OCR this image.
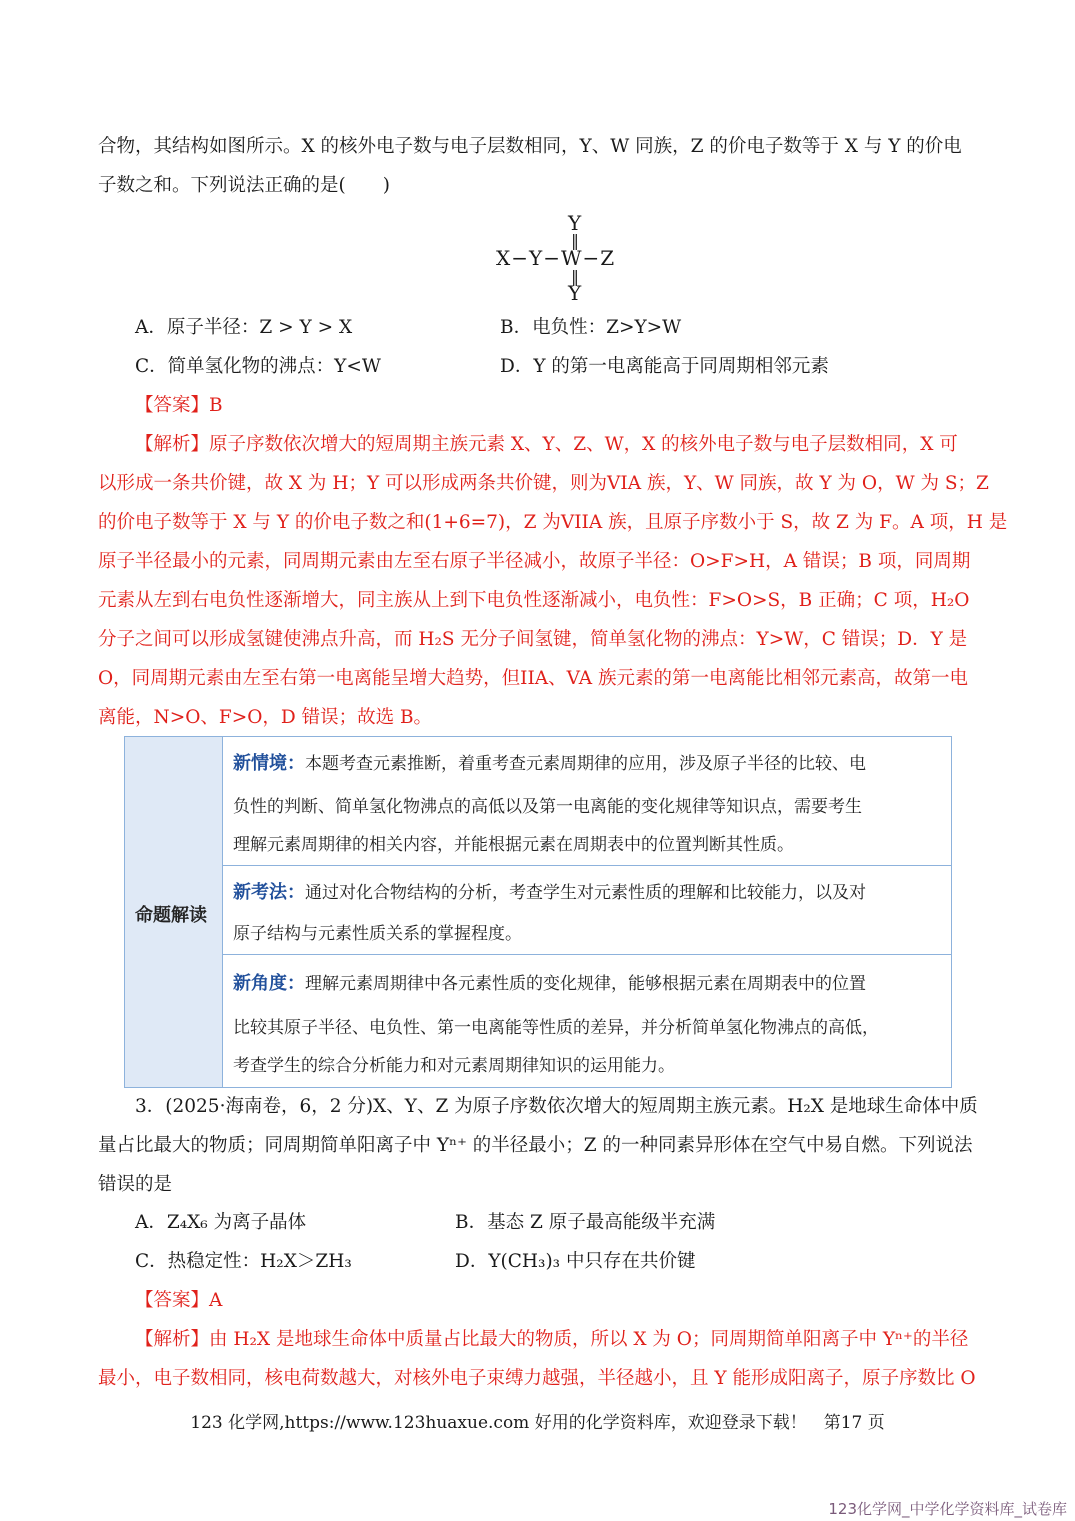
合物，其结构如图所示。X 的核外电子数与电子层数相同，Y、W 同族，Z 的价电子数等于 X 与 Y 的价电
子数之和。下列说法正确的是(　　)
Y
‖
X−Y−W−Z
‖
Y
A．原子半径：Z > Y > X	B．电负性：Z>Y>W
C．简单氢化物的沸点：Y<W	D．Y 的第一电离能高于同周期相邻元素
【答案】B
【解析】原子序数依次增大的短周期主族元素 X、Y、Z、W，X 的核外电子数与电子层数相同，X 可
以形成一条共价键，故 X 为 H；Y 可以形成两条共价键，则为VIA 族，Y、W 同族，故 Y 为 O，W 为 S；Z
的价电子数等于 X 与 Y 的价电子数之和(1+6=7)，Z 为VIIA 族，且原子序数小于 S，故 Z 为 F。A 项，H 是
原子半径最小的元素，同周期元素由左至右原子半径减小，故原子半径：O>F>H，A 错误；B 项，同周期
元素从左到右电负性逐渐增大，同主族从上到下电负性逐渐减小，电负性：F>O>S，B 正确；C 项，H₂O
分子之间可以形成氢键使沸点升高，而 H₂S 无分子间氢键，简单氢化物的沸点：Y>W，C 错误；D．Y 是
O，同周期元素由左至右第一电离能呈增大趋势，但IIA、VA 族元素的第一电离能比相邻元素高，故第一电
离能，N>O、F>O，D 错误；故选 B。
命题解读
新情境：本题考查元素推断，着重考查元素周期律的应用，涉及原子半径的比较、电
负性的判断、简单氢化物沸点的高低以及第一电离能的变化规律等知识点，需要考生
理解元素周期律的相关内容，并能根据元素在周期表中的位置判断其性质。
新考法：通过对化合物结构的分析，考查学生对元素性质的理解和比较能力，以及对
原子结构与元素性质关系的掌握程度。
新角度：理解元素周期律中各元素性质的变化规律，能够根据元素在周期表中的位置
比较其原子半径、电负性、第一电离能等性质的差异，并分析简单氢化物沸点的高低，
考查学生的综合分析能力和对元素周期律知识的运用能力。
3．(2025·海南卷，6，2 分)X、Y、Z 为原子序数依次增大的短周期主族元素。H₂X 是地球生命体中质
量占比最大的物质；同周期简单阳离子中 Yⁿ⁺ 的半径最小；Z 的一种同素异形体在空气中易自燃。下列说法
错误的是
A．Z₄X₆ 为离子晶体	B．基态 Z 原子最高能级半充满
C．热稳定性：H₂X＞ZH₃	D．Y(CH₃)₃ 中只存在共价键
【答案】A
【解析】由 H₂X 是地球生命体中质量占比最大的物质，所以 X 为 O；同周期简单阳离子中 Yⁿ⁺的半径
最小，电子数相同，核电荷数越大，对核外电子束缚力越强，半径越小，且 Y 能形成阳离子，原子序数比 O
123 化学网,https://www.123huaxue.com 好用的化学资料库，欢迎登录下载！　第17 页
123化学网_中学化学资料库_试卷库
